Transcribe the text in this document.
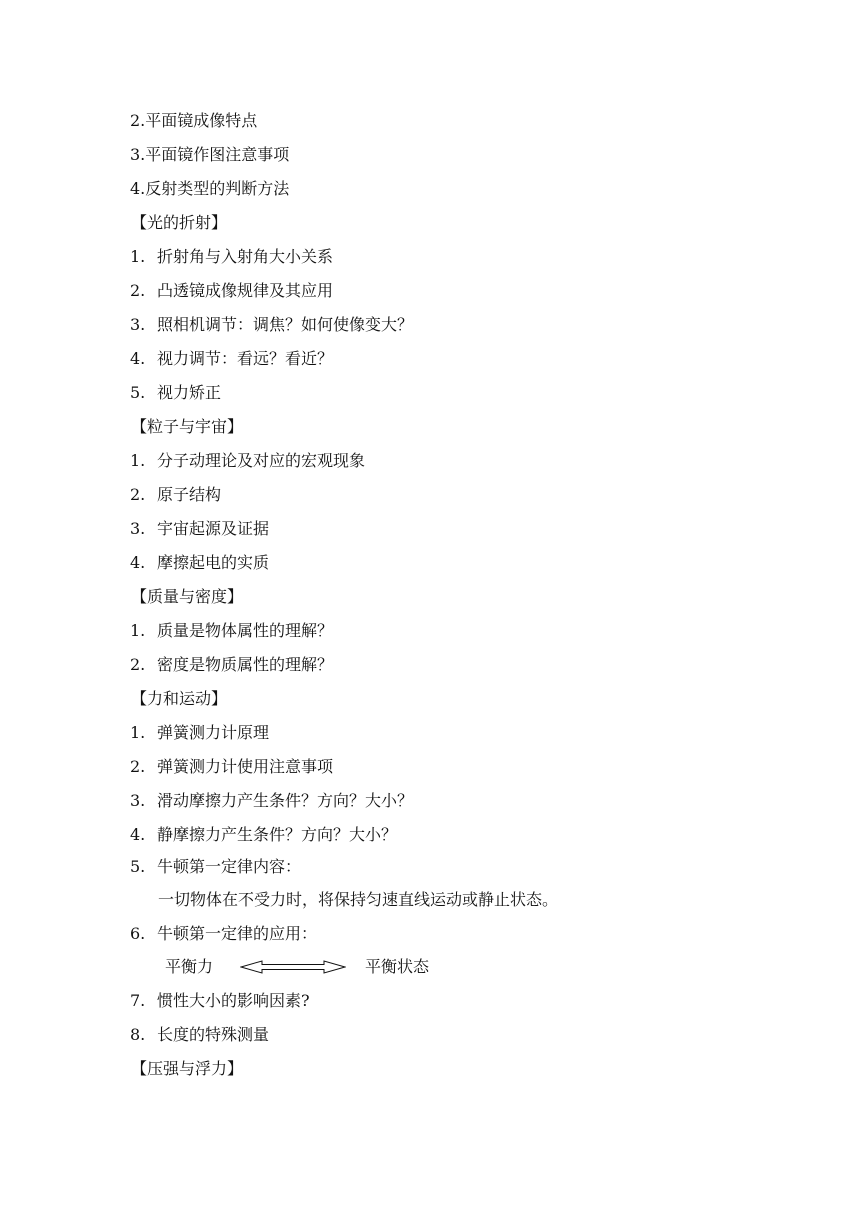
2.平面镜成像特点
3.平面镜作图注意事项
4.反射类型的判断方法
【光的折射】
1. 折射角与入射角大小关系
2. 凸透镜成像规律及其应用
3. 照相机调节：调焦？如何使像变大？
4. 视力调节：看远？看近？
5. 视力矫正
【粒子与宇宙】
1. 分子动理论及对应的宏观现象
2. 原子结构
3. 宇宙起源及证据
4. 摩擦起电的实质
【质量与密度】
1. 质量是物体属性的理解？
2. 密度是物质属性的理解？
【力和运动】
1. 弹簧测力计原理
2. 弹簧测力计使用注意事项
3. 滑动摩擦力产生条件？方向？大小？
4. 静摩擦力产生条件？方向？大小？
5. 牛顿第一定律内容：
一切物体在不受力时，将保持匀速直线运动或静止状态。
6. 牛顿第一定律的应用：
平衡力	平衡状态
7. 惯性大小的影响因素?
8. 长度的特殊测量
【压强与浮力】
